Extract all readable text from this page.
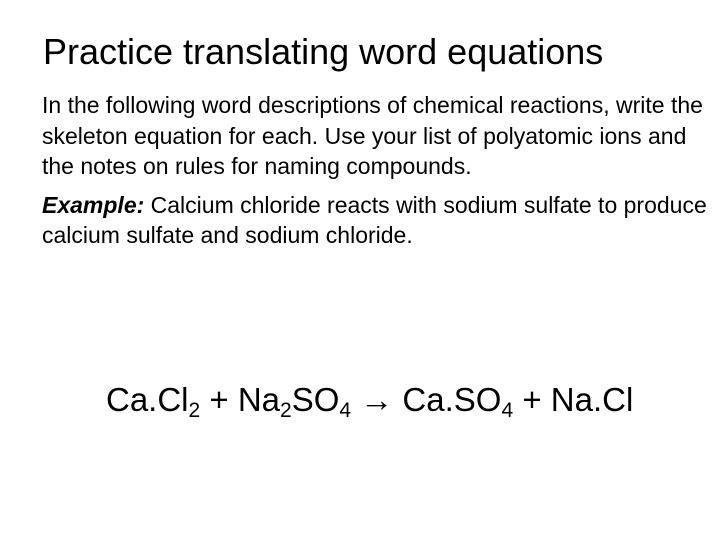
Practice translating word equations

In the following word descriptions of chemical reactions, write the skeleton equation for each. Use your list of polyatomic ions and the notes on rules for naming compounds.

Example: Calcium chloride reacts with sodium sulfate to produce calcium sulfate and sodium chloride.

$Ca.Cl_2 + Na_2SO_4 \to Ca.SO_4 + Na.Cl$
